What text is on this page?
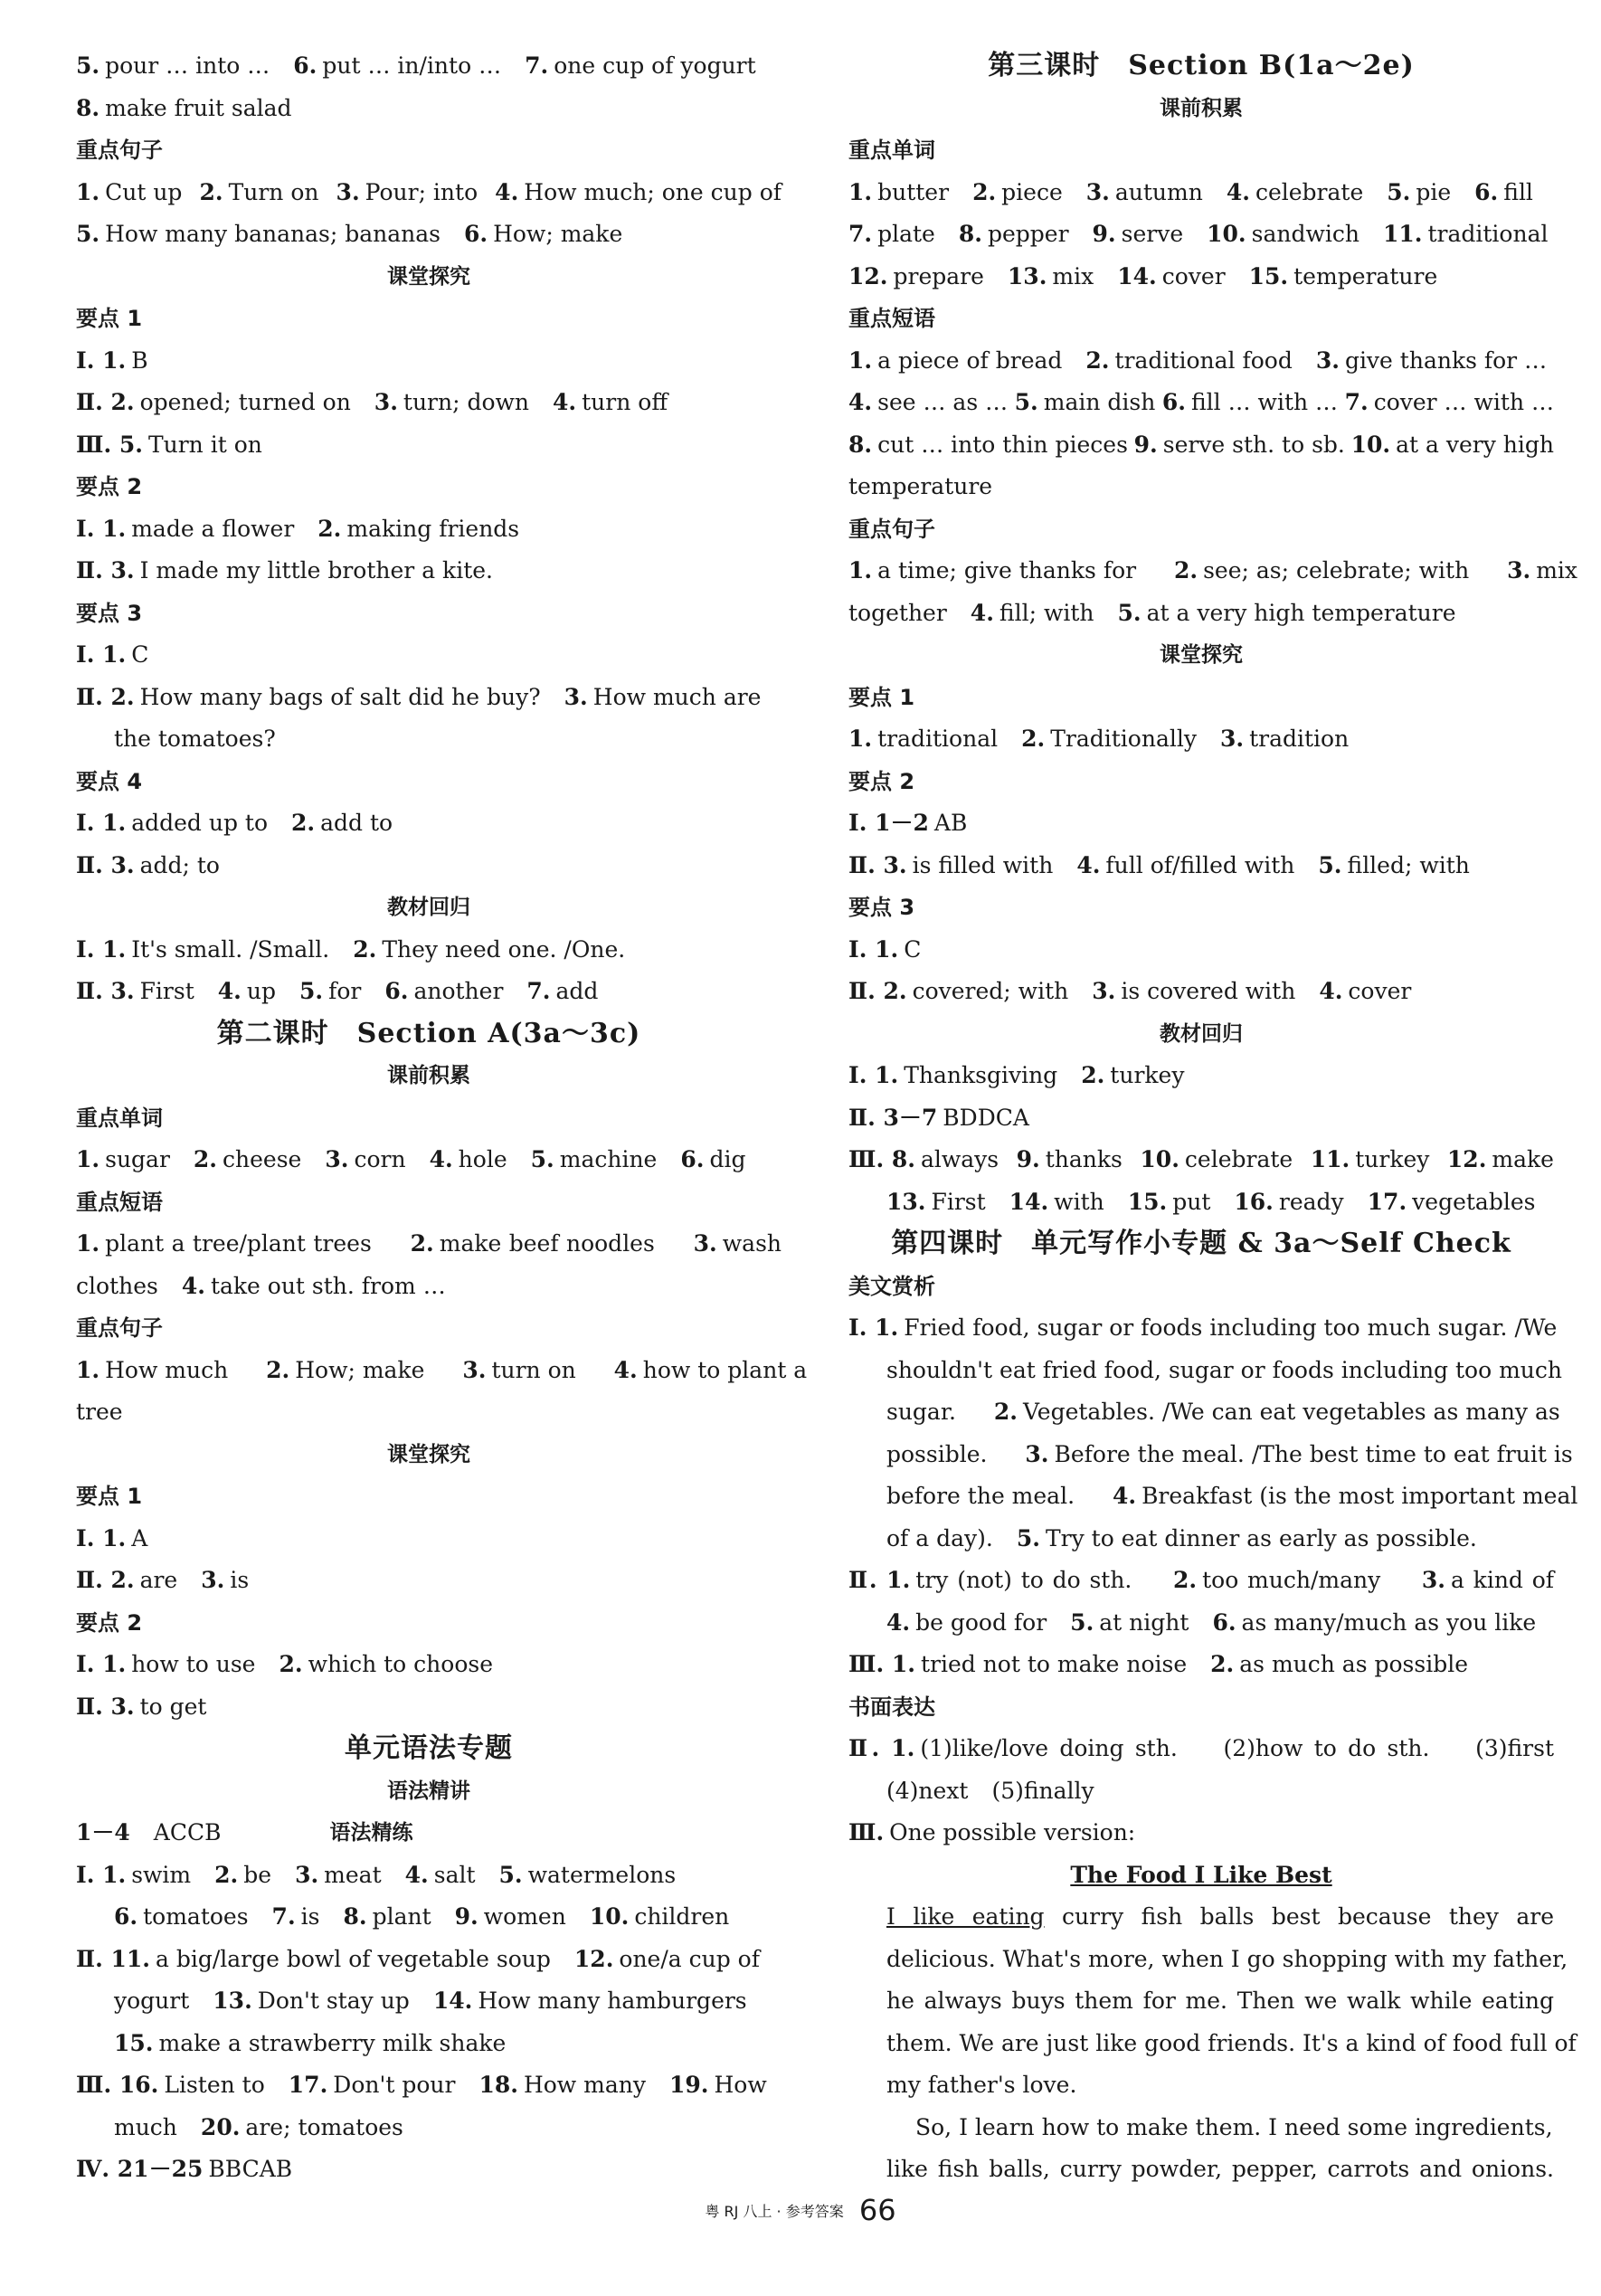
5. pour … into … 6. put … in/into … 7. one cup of yogurt
8. make fruit salad
重点句子
1. Cut up 2. Turn on 3. Pour; into 4. How much; one cup of
5. How many bananas; bananas 6. How; make
课堂探究
要点 1
Ⅰ. 1. B
Ⅱ. 2. opened; turned on 3. turn; down 4. turn off
Ⅲ. 5. Turn it on
要点 2
Ⅰ. 1. made a flower 2. making friends
Ⅱ. 3. I made my little brother a kite.
要点 3
Ⅰ. 1. C
Ⅱ. 2. How many bags of salt did he buy? 3. How much are
the tomatoes?
要点 4
Ⅰ. 1. added up to 2. add to
Ⅱ. 3. add; to
教材回归
Ⅰ. 1. It's small. /Small. 2. They need one. /One.
Ⅱ. 3. First 4. up 5. for 6. another 7. add
第二课时　Section A(3a～3c)
课前积累
重点单词
1. sugar 2. cheese 3. corn 4. hole 5. machine 6. dig
重点短语
1. plant a tree/plant trees 2. make beef noodles 3. wash
clothes 4. take out sth. from …
重点句子
1. How much 2. How; make 3. turn on 4. how to plant a
tree
课堂探究
要点 1
Ⅰ. 1. A
Ⅱ. 2. are 3. is
要点 2
Ⅰ. 1. how to use 2. which to choose
Ⅱ. 3. to get
单元语法专题
语法精讲
1－4 ACCB	语法精练
Ⅰ. 1. swim 2. be 3. meat 4. salt 5. watermelons
6. tomatoes 7. is 8. plant 9. women 10. children
Ⅱ. 11. a big/large bowl of vegetable soup 12. one/a cup of
yogurt 13. Don't stay up 14. How many hamburgers
15. make a strawberry milk shake
Ⅲ. 16. Listen to 17. Don't pour 18. How many 19. How
much 20. are; tomatoes
Ⅳ. 21－25 BBCAB
第三课时　Section B(1a～2e)
课前积累
重点单词
1. butter 2. piece 3. autumn 4. celebrate 5. pie 6. fill
7. plate 8. pepper 9. serve 10. sandwich 11. traditional
12. prepare 13. mix 14. cover 15. temperature
重点短语
1. a piece of bread 2. traditional food 3. give thanks for …
4. see … as … 5. main dish 6. fill … with … 7. cover … with …
8. cut … into thin pieces 9. serve sth. to sb. 10. at a very high
temperature
重点句子
1. a time; give thanks for 2. see; as; celebrate; with 3. mix
together 4. fill; with 5. at a very high temperature
课堂探究
要点 1
1. traditional 2. Traditionally 3. tradition
要点 2
Ⅰ. 1－2 AB
Ⅱ. 3. is filled with 4. full of/filled with 5. filled; with
要点 3
Ⅰ. 1. C
Ⅱ. 2. covered; with 3. is covered with 4. cover
教材回归
Ⅰ. 1. Thanksgiving 2. turkey
Ⅱ. 3－7 BDDCA
Ⅲ. 8. always 9. thanks 10. celebrate 11. turkey 12. make
13. First 14. with 15. put 16. ready 17. vegetables
第四课时　单元写作小专题 & 3a～Self Check
美文赏析
Ⅰ. 1. Fried food, sugar or foods including too much sugar. /We
shouldn't eat fried food, sugar or foods including too much
sugar. 2. Vegetables. /We can eat vegetables as many as
possible. 3. Before the meal. /The best time to eat fruit is
before the meal. 4. Breakfast (is the most important meal
of a day). 5. Try to eat dinner as early as possible.
Ⅱ. 1. try (not) to do sth. 2. too much/many 3. a kind of
4. be good for 5. at night 6. as many/much as you like
Ⅲ. 1. tried not to make noise 2. as much as possible
书面表达
Ⅱ. 1. (1)like/love doing sth. (2)how to do sth. (3)first
(4)next (5)finally
Ⅲ. One possible version:
The Food I Like Best
I like eating curry fish balls best because they are
delicious. What's more, when I go shopping with my father,
he always buys them for me. Then we walk while eating
them. We are just like good friends. It's a kind of food full of
my father's love.
So, I learn how to make them. I need some ingredients,
like fish balls, curry powder, pepper, carrots and onions.
粤 RJ 八上 · 参考答案 66
